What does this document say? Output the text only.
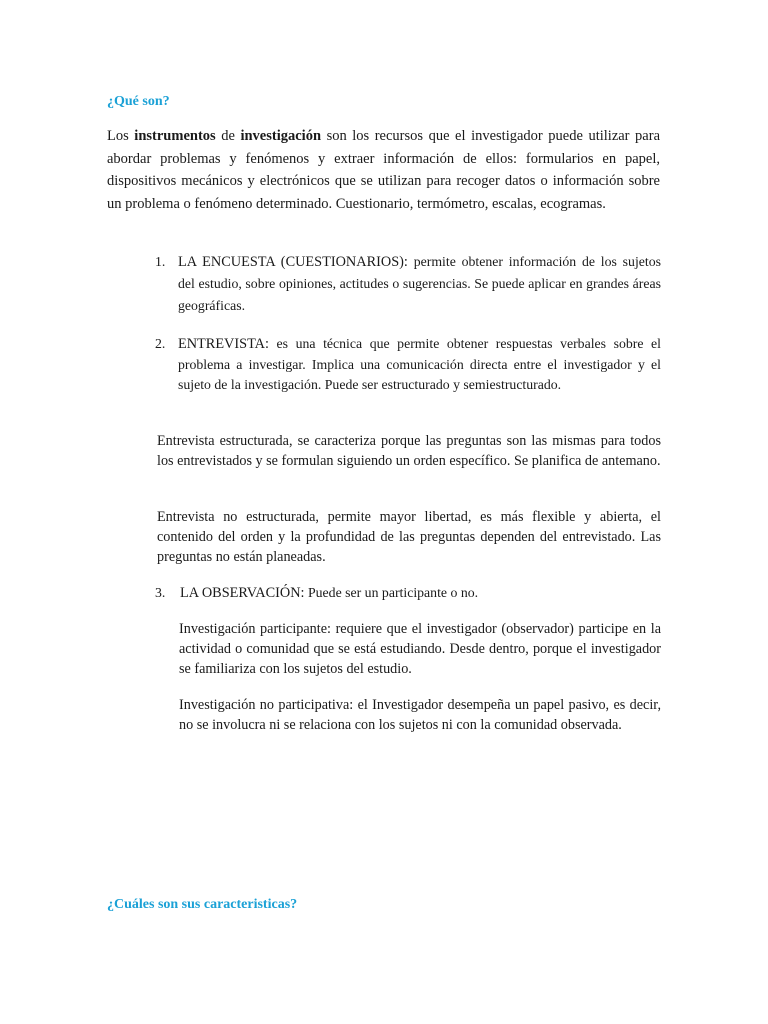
¿Qué son?

Los instrumentos de investigación son los recursos que el investigador puede utilizar para abordar problemas y fenómenos y extraer información de ellos: formularios en papel, dispositivos mecánicos y electrónicos que se utilizan para recoger datos o información sobre un problema o fenómeno determinado. Cuestionario, termómetro, escalas, ecogramas.

1. LA ENCUESTA (CUESTIONARIOS): permite obtener información de los sujetos del estudio, sobre opiniones, actitudes o sugerencias. Se puede aplicar en grandes áreas geográficas.
2. ENTREVISTA: es una técnica que permite obtener respuestas verbales sobre el problema a investigar. Implica una comunicación directa entre el investigador y el sujeto de la investigación. Puede ser estructurado y semiestructurado.

Entrevista estructurada, se caracteriza porque las preguntas son las mismas para todos los entrevistados y se formulan siguiendo un orden específico. Se planifica de antemano.

Entrevista no estructurada, permite mayor libertad, es más flexible y abierta, el contenido del orden y la profundidad de las preguntas dependen del entrevistado. Las preguntas no están planeadas.

3. LA OBSERVACIÓN: Puede ser un participante o no.

Investigación participante: requiere que el investigador (observador) participe en la actividad o comunidad que se está estudiando. Desde dentro, porque el investigador se familiariza con los sujetos del estudio.

Investigación no participativa: el Investigador desempeña un papel pasivo, es decir, no se involucra ni se relaciona con los sujetos ni con la comunidad observada.

¿Cuáles son sus caracteristicas?
